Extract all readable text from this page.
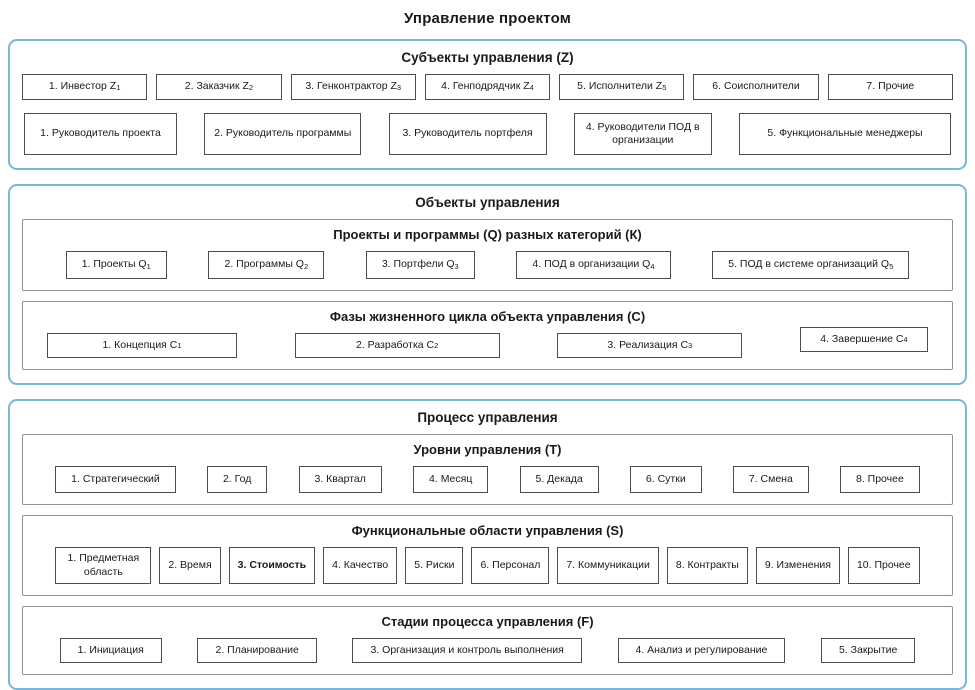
Управление проектом
Субъекты управления (Z)
1. Инвестор Z 1	2. Заказчик Z 2	3. Генконтрактор Z 3	4. Генподрядчик Z 4	5. Исполнители Z 5	6. Соисполнители	7. Прочие
1. Руководитель проекта	2. Руководитель программы	3. Руководитель портфеля
4. Руководители ПОД в организации
5. Функциональные менеджеры
Объекты управления
Проекты и программы (Q) разных категорий (К)
1. Проекты Q 1	2. Программы Q 2	3. Портфели Q 3	4. ПОД в организации Q 4	5. ПОД в системе организаций Q 5
Фазы жизненного цикла объекта управления (С)
1. Концепция С 1	2. Разработка С 2	3. Реализация С 3
4. Завершение С 4
Процесс управления
Уровни управления (Т)
1. Стратегический	2. Год	3. Квартал	4. Месяц	5. Декада	6. Сутки	7. Смена	8. Прочее
Функциональные области управления (S)
1. Предметная область
2. Время 3. Стоимость 4. Качество 5. Риски 6. Персонал 7. Коммуникации 8. Контракты 9. Изменения 10. Прочее
Стадии процесса управления (F)
1. Инициация	2. Планирование	3. Организация и контроль выполнения	4. Анализ и регулирование	5. Закрытие
